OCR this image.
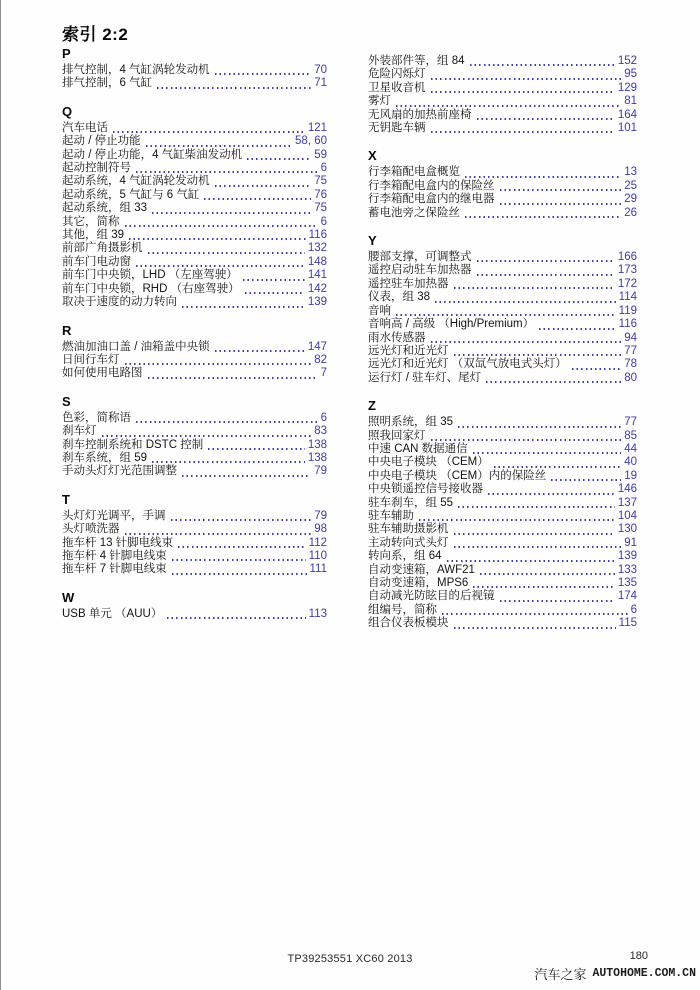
索引 2:2
P
排气控制，4 气缸涡轮发动机	70
排气控制，6 气缸	71
Q
汽车电话	121
起动 / 停止功能	58, 60
起动 / 停止功能，4 气缸柴油发动机	59
起动控制符号	6
起动系统，4 气缸涡轮发动机	75
起动系统，5 气缸与 6 气缸	76
起动系统，组 33	75
其它，简称	6
其他，组 39	116
前部广角摄影机	132
前车门电动窗	148
前车门中央锁，LHD （左座驾驶）	141
前车门中央锁，RHD （右座驾驶）	142
取决于速度的动力转向	139
R
燃油加油口盖 / 油箱盖中央锁	147
日间行车灯	82
如何使用电路图	7
S
色彩，简称语	6
刹车灯	83
刹车控制系统和 DSTC 控制	138
刹车系统，组 59	138
手动头灯灯光范围调整	79
T
头灯灯光调平，手调	79
头灯喷洗器	98
拖车杆 13 针脚电线束	112
拖车杆 4 针脚电线束	110
拖车杆 7 针脚电线束	111
W
USB 单元 （AUU）	113
外装部件等，组 84	152
危险闪烁灯	95
卫星收音机	129
雾灯	81
无风扇的加热前座椅	164
无钥匙车辆	101
X
行李箱配电盒概览	13
行李箱配电盒内的保险丝	25
行李箱配电盒内的继电器	29
蓄电池旁之保险丝	26
Y
腰部支撑，可调整式	166
遥控启动驻车加热器	173
遥控驻车加热器	172
仪表，组 38	114
音响	119
音响高 / 高级 （High/Premium）	116
雨水传感器	94
远光灯和近光灯	77
远光灯和近光灯 （双氙气放电式头灯）	78
运行灯 / 驻车灯、尾灯	80
Z
照明系统，组 35	77
照我回家灯	85
中速 CAN 数据通信	44
中央电子模块 （CEM）	40
中央电子模块 （CEM）内的保险丝	19
中央锁遥控信号接收器	146
驻车刹车，组 55	137
驻车辅助	104
驻车辅助摄影机	130
主动转向式头灯	91
转向系，组 64	139
自动变速箱，AWF21	133
自动变速箱，MPS6	135
自动减光防眩目的后视镜	174
组编号，简称	6
组合仪表板模块	115
TP39253551 XC60 2013	180
汽车之家 AUTOHOME.COM.CN
